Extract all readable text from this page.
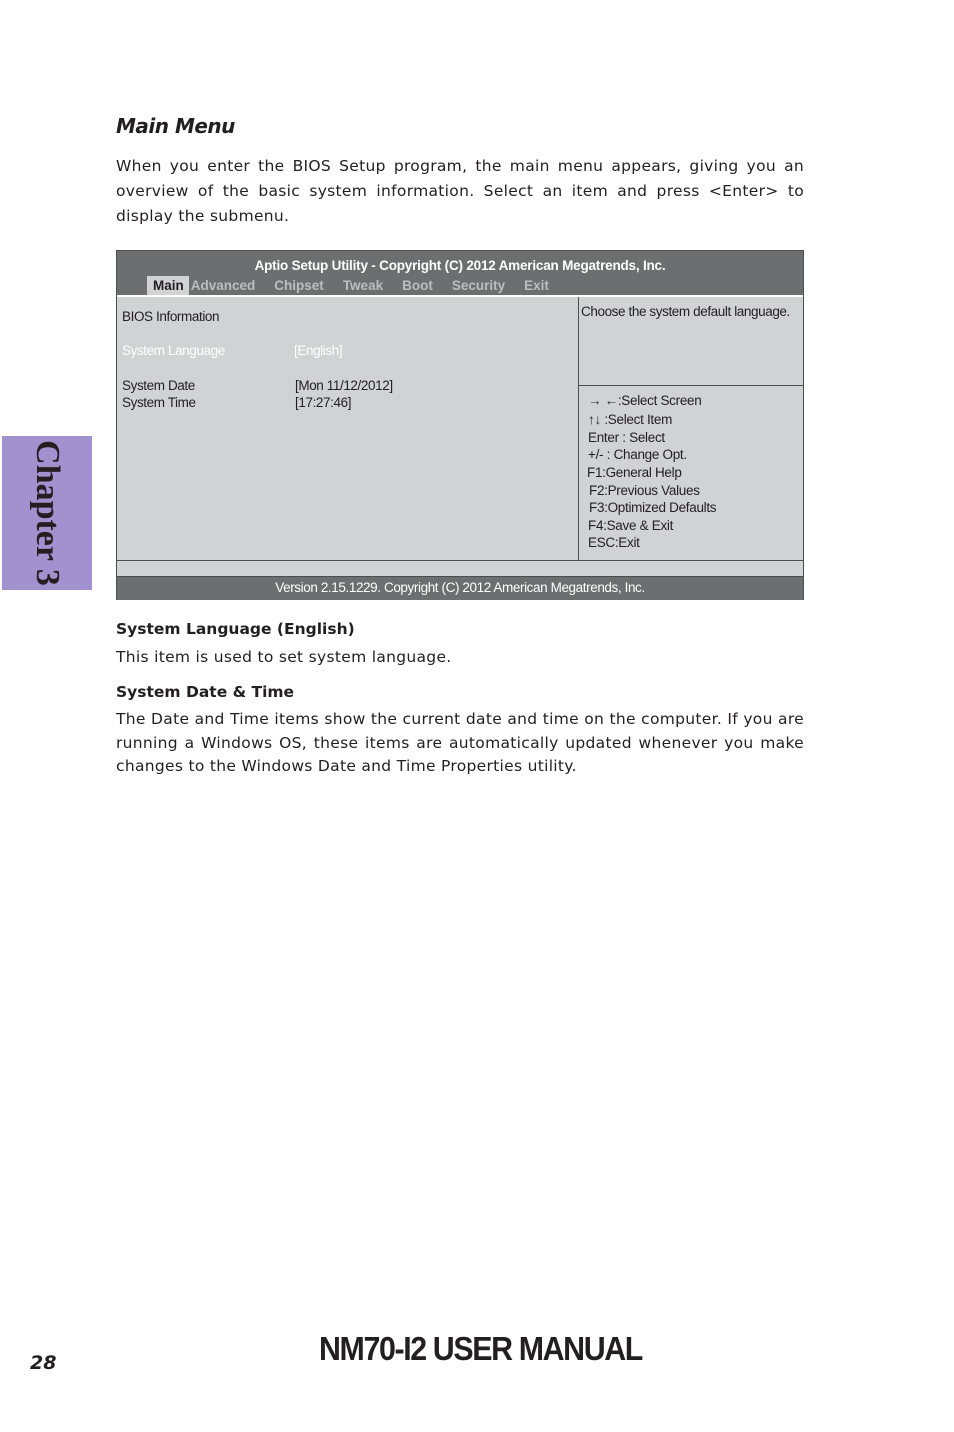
Main Menu

When you enter the BIOS Setup program, the main menu appears, giving you an overview of the basic system information. Select an item and press <Enter> to display the submenu.

Aptio Setup Utility - Copyright (C) 2012 American Megatrends, Inc.
Main Advanced Chipset Tweak Boot Security Exit
BIOS Information
System Language	[English]
System Date	[Mon 11/12/2012]
System Time	[17:27:46]
Choose the system default language.
→ ←:Select Screen
↑↓ :Select Item
Enter : Select
+/- : Change Opt.
F1:General Help
F2:Previous Values
F3:Optimized Defaults
F4:Save & Exit
ESC:Exit
Version 2.15.1229. Copyright (C) 2012 American Megatrends, Inc.
System Language (English)

This item is used to set system language.

System Date & Time

The Date and Time items show the current date and time on the computer. If you are running a Windows OS, these items are automatically updated whenever you make changes to the Windows Date and Time Properties utility.

Chapter 3
28	NM70-I2 USER MANUAL
